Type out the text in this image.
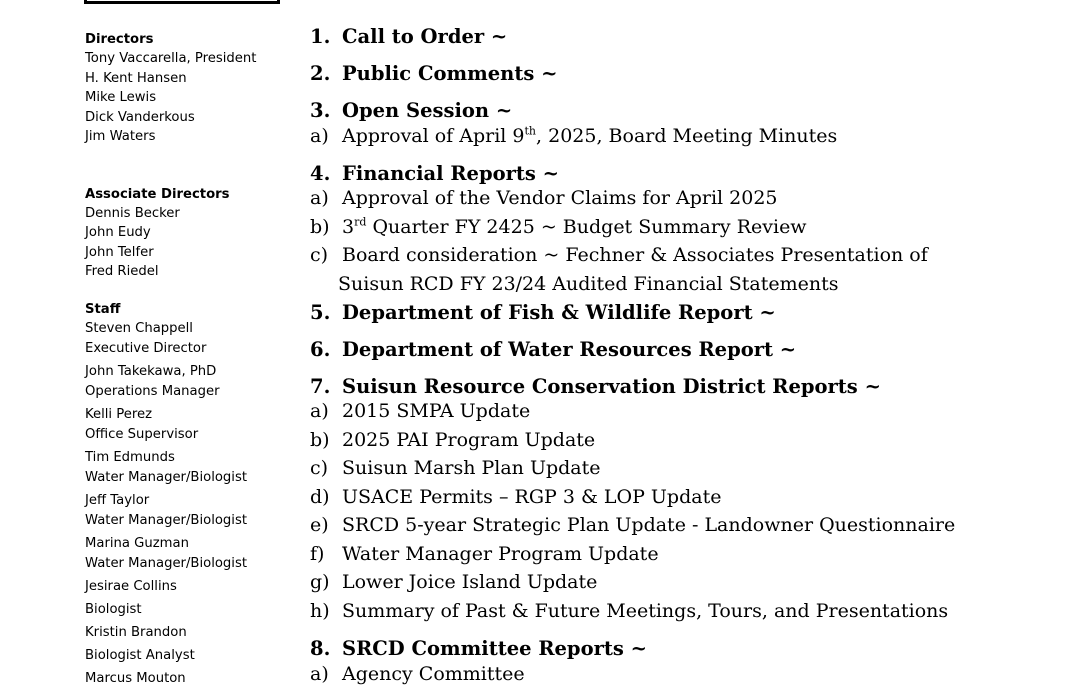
Directors
Tony Vaccarella, President
H. Kent Hansen
Mike Lewis
Dick Vanderkous
Jim Waters
Associate Directors
Dennis Becker
John Eudy
John Telfer
Fred Riedel
Staff
Steven Chappell
Executive Director
John Takekawa, PhD
Operations Manager
Kelli Perez
Office Supervisor
Tim Edmunds
Water Manager/Biologist
Jeff Taylor
Water Manager/Biologist
Marina Guzman
Water Manager/Biologist
Jesirae Collins
Biologist
Kristin Brandon
Biologist Analyst
Marcus Mouton
1. Call to Order ~
2. Public Comments ~
3. Open Session ~
a) Approval of April 9th, 2025, Board Meeting Minutes
4. Financial Reports ~
a) Approval of the Vendor Claims for April 2025
b) 3rd Quarter FY 2425 ~ Budget Summary Review
c) Board consideration ~ Fechner & Associates Presentation of
Suisun RCD FY 23/24 Audited Financial Statements
5. Department of Fish & Wildlife Report ~
6. Department of Water Resources Report ~
7. Suisun Resource Conservation District Reports ~
a) 2015 SMPA Update
b) 2025 PAI Program Update
c) Suisun Marsh Plan Update
d) USACE Permits – RGP 3 & LOP Update
e) SRCD 5-year Strategic Plan Update - Landowner Questionnaire
f) Water Manager Program Update
g) Lower Joice Island Update
h) Summary of Past & Future Meetings, Tours, and Presentations
8. SRCD Committee Reports ~
a) Agency Committee
